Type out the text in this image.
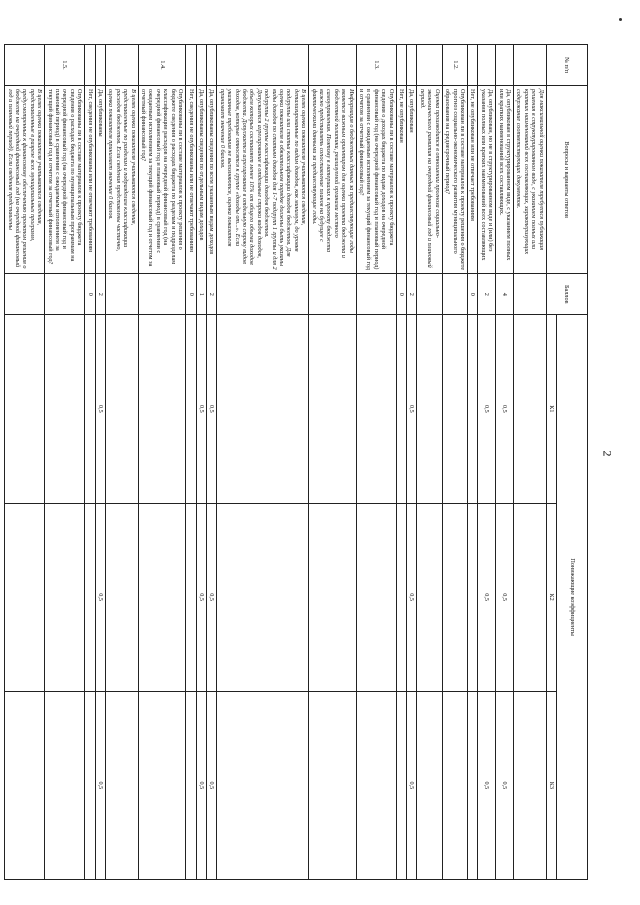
2
№ п/п	Вопросы и варианты ответов	Баллов	Понижающие коэффициенты		
			К1	К2	К3
	Для максимальной оценки показателя требуется публикация решения в структурированном виде, с указанием полных или кратких наименований всех составляющих, характеризующих содержание соответствующих документов.				
	Да, опубликован в структурированном виде, с указанием полных или кратких наименований всех составляющих.	4	0,5	0,5	0,5
	Да, опубликован, но не в структурированном виде и (или) без указания полных или кратких наименований всех составляющих	2	0,5	0,5	0,5
	Нет, не опубликован или не отвечает требованиям	0			
1.2.	Опубликован ли в составе материалов к проекту решения о бюджете прогноз социально-экономического развития муниципального образования на среднесрочный период?				
	Оценка производится в отношении прогноза социально-экономического развития на очередной финансовый год и плановый период.				
	Да, опубликован	2	0,5	0,5	0,5
	Нет, не опубликован	0			
1.3.	Опубликованы ли в составе материалов к проекту бюджета сведения о доходах бюджета по видам доходов на очередной финансовый год (на очередной финансовый год и плановый период) в сравнении с ожидаемым исполнением за текущий финансовый год и отчетом за отчетный финансовый год?				
	Информация о бюджетных данных за предшествующие годы является важным ориентиром для оценки проекта бюджета и бюджетной политики, реализуемой органами местного самоуправления. Поэтому в материалах к проекту бюджета важно представлять сопоставление планов на будущее с фактическими данными за предшествующие годы.				
	В целях оценки показателя учитываются сведения, детализированные по видам доходов, как минимум, до уровня подгруппы или статьи классификации доходов бюджетов. Для оценки показателя в обязательном порядке должны быть указаны виды доходов по статьям доходов для 1-7 подгрупп 1 группы и для 2 подгруппы 2 группы классификации доходов бюджетов. Допускается агрегирование в отдельные строки видов доходов, объем которых составляет менее 10% от общего объема доходов бюджета. Допускается агрегирование в отдельную строку видов доходов, которые относятся к группе «доходы от...». Если указанные требования не выполняются, оценка показателя принимает значение 0 баллов.				
	Да, опубликованы сведения по всем указанным видам доходов	2	0,5	0,5	0,5
	Да, опубликованы сведения по отдельным видам доходов	1	0,5	0,5	0,5
	Нет, сведения не опубликованы или не отвечают требованиям	0			
1.4.	Опубликованы ли в составе материалов к проекту решения о бюджете сведения о расходах бюджета по разделам и подразделам классификации расходов на очередной финансовый год (на очередной финансовый год и плановый период) в сравнении с ожидаемым исполнением за текущий финансовый год и отчетом за отчетный финансовый год?				
	В целях оценки показателя учитываются сведения, представленные по разделам и подразделам классификации расходов бюджетов. Если сведения представлены частично, оценка показателя принимает значение 0 баллов.				
	Да, опубликованы	2	0,5	0,5	0,5
	Нет, сведения не опубликованы или не отвечают требованиям	0			
1.5.	Опубликованы ли в составе материалов к проекту бюджета сведения о расходах бюджета по муниципальным программам на очередной финансовый год (на очередной финансовый год и плановый период) в сравнении с ожидаемым исполнением за текущий финансовый год и отчетом за отчетный финансовый год?				
	В целях оценки показателя учитываются сведения, представленные в разрезе всех муниципальных программ, предусмотренных к финансовому обеспечению проектом решения о бюджете на очередной финансовый год (на очередной финансовый год и плановый период). Если сведения представлены				
